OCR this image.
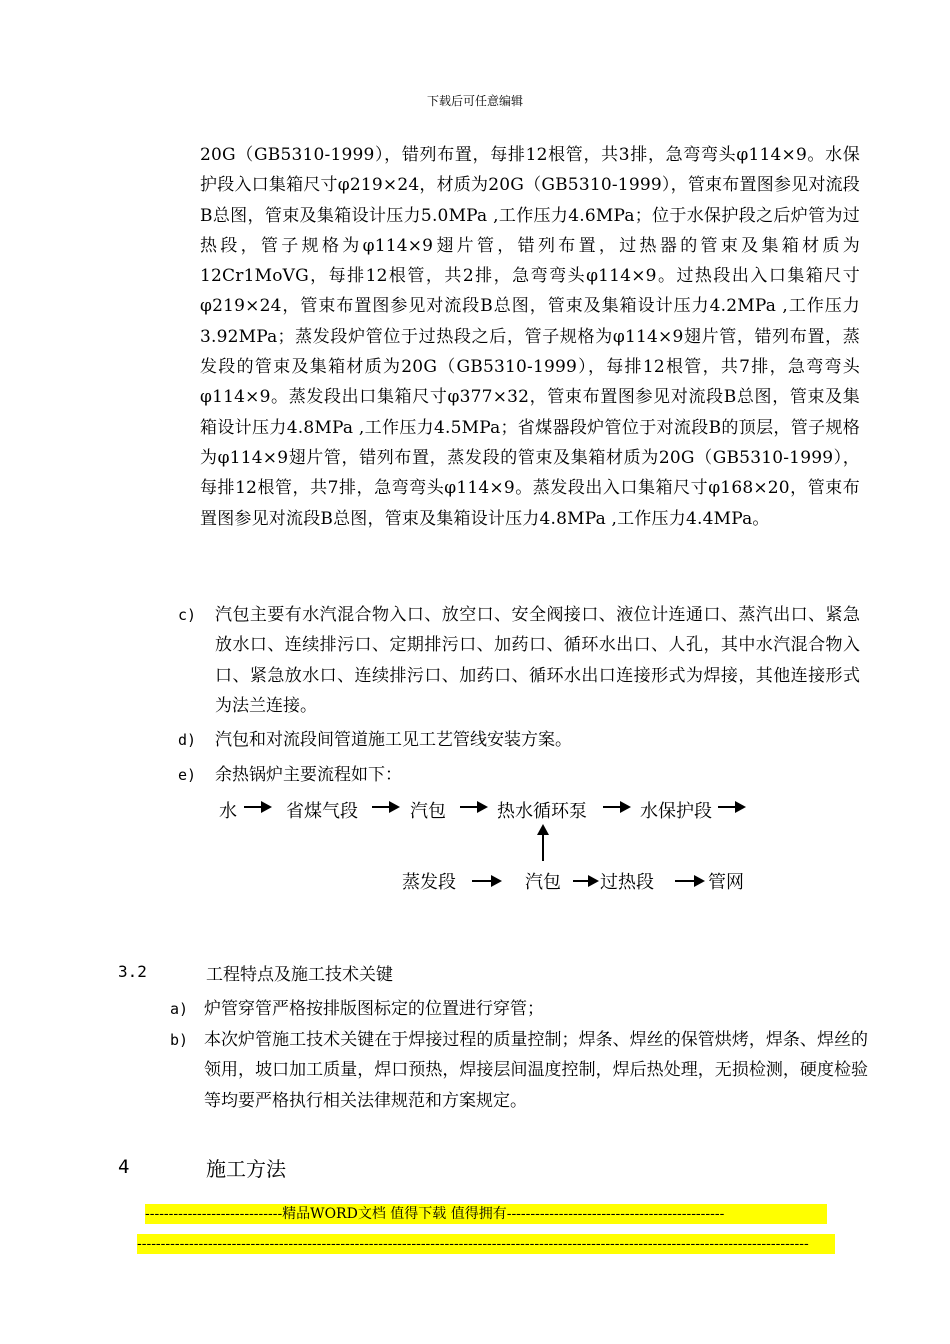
下载后可任意编辑
20G（GB5310-1999），错列布置，每排12根管，共3排，急弯弯头φ114×9。水保护段入口集箱尺寸φ219×24，材质为20G（GB5310-1999），管束布置图参见对流段B总图，管束及集箱设计压力5.0MPa ,工作压力4.6MPa；位于水保护段之后炉管为过热段，管子规格为φ114×9翅片管，错列布置，过热器的管束及集箱材质为12Cr1MoVG，每排12根管，共2排，急弯弯头φ114×9。过热段出入口集箱尺寸φ219×24，管束布置图参见对流段B总图，管束及集箱设计压力4.2MPa ,工作压力3.92MPa；蒸发段炉管位于过热段之后，管子规格为φ114×9翅片管，错列布置，蒸发段的管束及集箱材质为20G（GB5310-1999），每排12根管，共7排，急弯弯头φ114×9。蒸发段出口集箱尺寸φ377×32，管束布置图参见对流段B总图，管束及集箱设计压力4.8MPa ,工作压力4.5MPa；省煤器段炉管位于对流段B的顶层，管子规格为φ114×9翅片管，错列布置，蒸发段的管束及集箱材质为20G（GB5310-1999），每排12根管，共7排，急弯弯头φ114×9。蒸发段出入口集箱尺寸φ168×20，管束布置图参见对流段B总图，管束及集箱设计压力4.8MPa ,工作压力4.4MPa。
c) 汽包主要有水汽混合物入口、放空口、安全阀接口、液位计连通口、蒸汽出口、紧急放水口、连续排污口、定期排污口、加药口、循环水出口、人孔，其中水汽混合物入口、紧急放水口、连续排污口、加药口、循环水出口连接形式为焊接，其他连接形式为法兰连接。
d) 汽包和对流段间管道施工见工艺管线安装方案。
e) 余热锅炉主要流程如下：
水	省煤气段	汽包	热水循环泵	水保护段
蒸发段	汽包 过热段	管网
3.2	工程特点及施工技术关键
a) 炉管穿管严格按排版图标定的位置进行穿管；
b) 本次炉管施工技术关键在于焊接过程的质量控制；焊条、焊丝的保管烘烤，焊条、焊丝的领用，坡口加工质量，焊口预热，焊接层间温度控制，焊后热处理，无损检测，硬度检验等均要严格执行相关法律规范和方案规定。
4	施工方法
-----------------------------精品WORD文档 值得下载 值得拥有----------------------------------------------
----------------------------------------------------------------------------------------------------------------------------------------------
